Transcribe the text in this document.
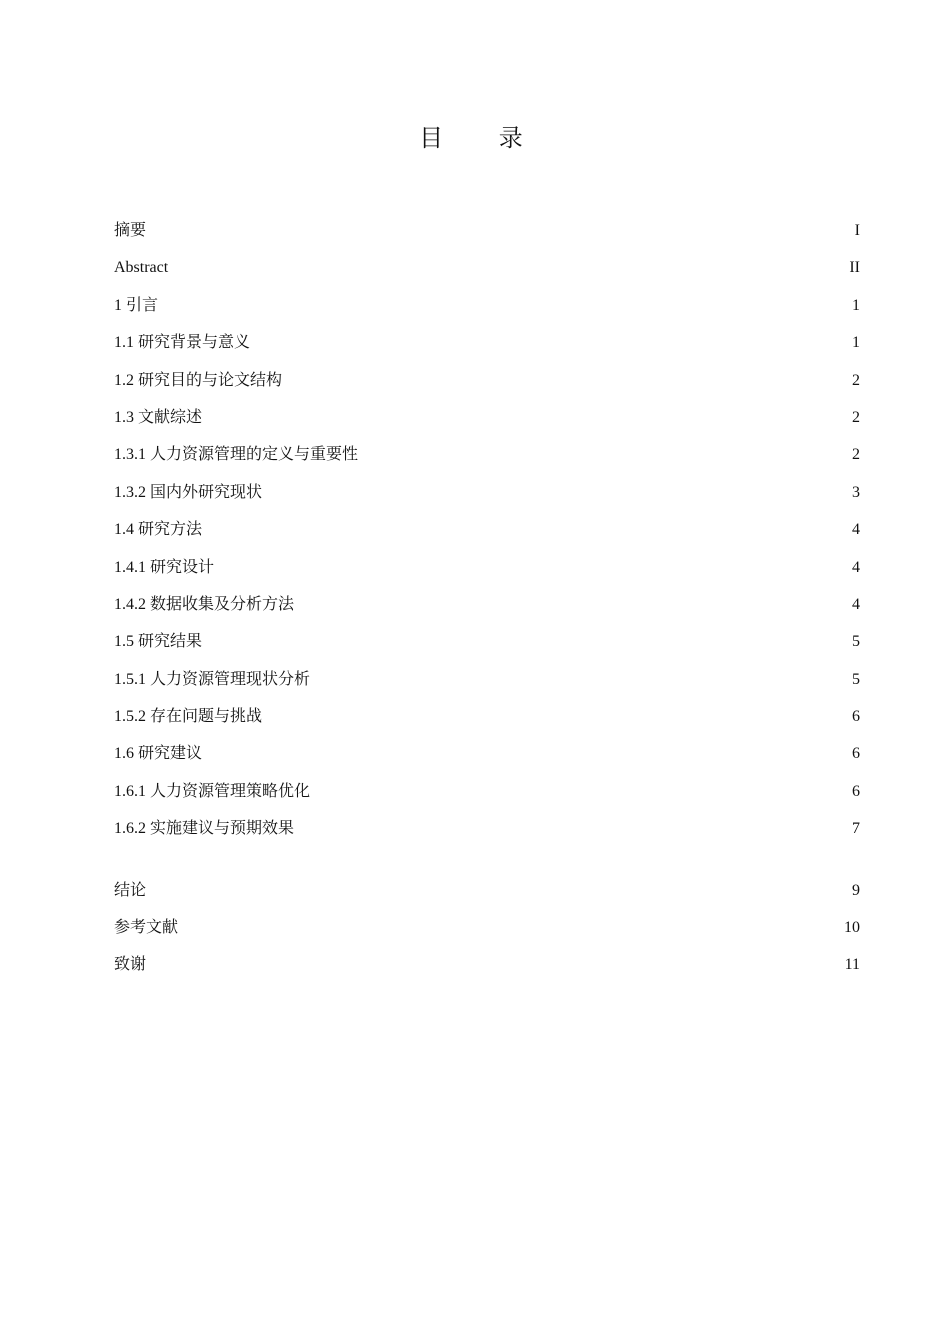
目 录
摘要 .....	I
Abstract .....	II
1 引言 .....	1
1.1 研究背景与意义 .....	1
1.2 研究目的与论文结构 .....	2
1.3 文献综述 .....	2
1.3.1 人力资源管理的定义与重要性 .....	2
1.3.2 国内外研究现状 .....	3
1.4 研究方法 .....	4
1.4.1 研究设计 .....	4
1.4.2 数据收集及分析方法 .....	4
1.5 研究结果 .....	5
1.5.1 人力资源管理现状分析 .....	5
1.5.2 存在问题与挑战 .....	6
1.6 研究建议 .....	6
1.6.1 人力资源管理策略优化 .....	6
1.6.2 实施建议与预期效果 .....	7
结论 .....	9
参考文献 .....	10
致谢 .....	11
